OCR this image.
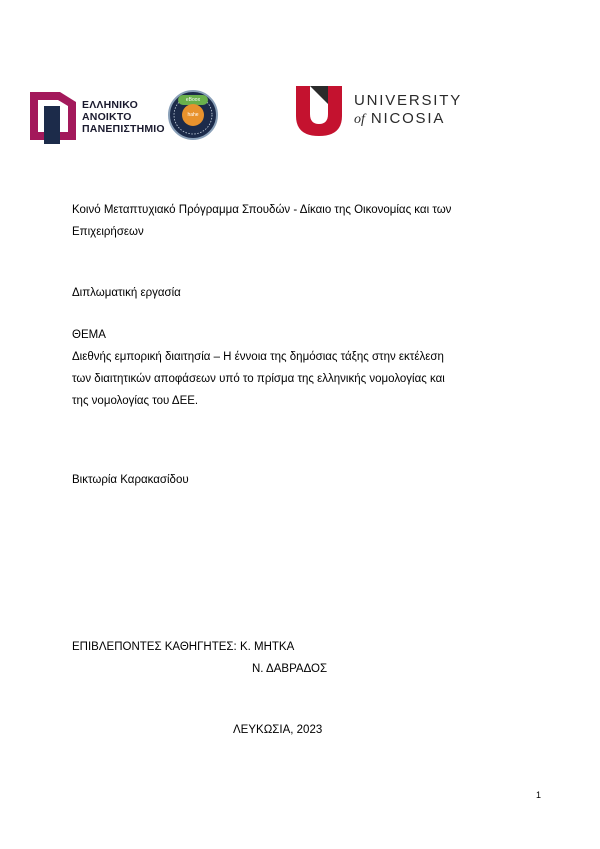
ΕΛΛΗΝΙΚΟ
ΑΝΟΙΚΤΟ
ΠΑΝΕΠΙΣΤΗΜΙΟ
eBoox
hahe
UNIVERSITY
of NICOSIA
Κοινό Μεταπτυχιακό Πρόγραμμα Σπουδών - Δίκαιο της Οικονομίας και των
Επιχειρήσεων
Διπλωματική εργασία
ΘΕΜΑ
Διεθνής εμπορική διαιτησία – Η έννοια της δημόσιας τάξης στην εκτέλεση
των διαιτητικών αποφάσεων υπό το πρίσμα της ελληνικής νομολογίας και
της νομολογίας του ΔΕΕ.
Βικτωρία Καρακασίδου
ΕΠΙΒΛΕΠΟΝΤΕΣ ΚΑΘΗΓΗΤΕΣ: Κ. ΜΗΤΚΑ
Ν. ΔΑΒΡΑΔΟΣ
ΛΕΥΚΩΣΙΑ, 2023
1
